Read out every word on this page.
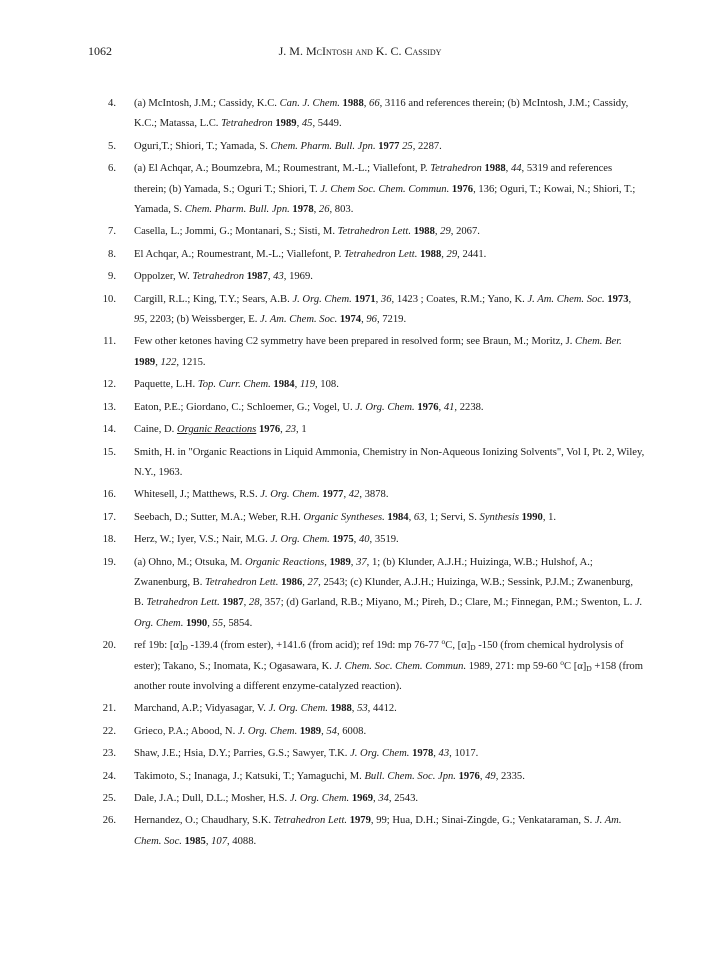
1062	J. M. McIntosh and K. C. Cassidy
4. (a) McIntosh, J.M.; Cassidy, K.C. Can. J. Chem. 1988, 66, 3116 and references therein; (b) McIntosh, J.M.; Cassidy, K.C.; Matassa, L.C. Tetrahedron 1989, 45, 5449.
5. Oguri,T.; Shiori, T.; Yamada, S. Chem. Pharm. Bull. Jpn. 1977 25, 2287.
6. (a) El Achqar, A.; Boumzebra, M.; Roumestrant, M.-L.; Viallefont, P. Tetrahedron 1988, 44, 5319 and references therein; (b) Yamada, S.; Oguri T.; Shiori, T. J. Chem Soc. Chem. Commun. 1976, 136; Oguri, T.; Kowai, N.; Shiori, T.; Yamada, S. Chem. Pharm. Bull. Jpn. 1978, 26, 803.
7. Casella, L.; Jommi, G.; Montanari, S.; Sisti, M. Tetrahedron Lett. 1988, 29, 2067.
8. El Achqar, A.; Roumestrant, M.-L.; Viallefont, P. Tetrahedron Lett. 1988, 29, 2441.
9. Oppolzer, W. Tetrahedron 1987, 43, 1969.
10. Cargill, R.L.; King, T.Y.; Sears, A.B. J. Org. Chem. 1971, 36, 1423 ; Coates, R.M.; Yano, K. J. Am. Chem. Soc. 1973, 95, 2203; (b) Weissberger, E. J. Am. Chem. Soc. 1974, 96, 7219.
11. Few other ketones having C2 symmetry have been prepared in resolved form; see Braun, M.; Moritz, J. Chem. Ber. 1989, 122, 1215.
12. Paquette, L.H. Top. Curr. Chem. 1984, 119, 108.
13. Eaton, P.E.; Giordano, C.; Schloemer, G.; Vogel, U. J. Org. Chem. 1976, 41, 2238.
14. Caine, D. Organic Reactions 1976, 23, 1
15. Smith, H. in "Organic Reactions in Liquid Ammonia, Chemistry in Non-Aqueous Ionizing Solvents", Vol I, Pt. 2, Wiley, N.Y., 1963.
16. Whitesell, J.; Matthews, R.S. J. Org. Chem. 1977, 42, 3878.
17. Seebach, D.; Sutter, M.A.; Weber, R.H. Organic Syntheses. 1984, 63, 1; Servi, S. Synthesis 1990, 1.
18. Herz, W.; Iyer, V.S.; Nair, M.G. J. Org. Chem. 1975, 40, 3519.
19. (a) Ohno, M.; Otsuka, M. Organic Reactions, 1989, 37, 1; (b) Klunder, A.J.H.; Huizinga, W.B.; Hulshof, A.; Zwanenburg, B. Tetrahedron Lett. 1986, 27, 2543; (c) Klunder, A.J.H.; Huizinga, W.B.; Sessink, P.J.M.; Zwanenburg, B. Tetrahedron Lett. 1987, 28, 357; (d) Garland, R.B.; Miyano, M.; Pireh, D.; Clare, M.; Finnegan, P.M.; Swenton, L. J. Org. Chem. 1990, 55, 5854.
20. ref 19b: $[\alpha]_D$ -139.4 (from ester), +141.6 (from acid); ref 19d: mp 76-77 $^o$C, $[\alpha]_D$ -150 (from chemical hydrolysis of ester); Takano, S.; Inomata, K.; Ogasawara, K. J. Chem. Soc. Chem. Commun. 1989, 271: mp 59-60 $^o$C $[\alpha]_D +158$ (from another route involving a different enzyme-catalyzed reaction).
21. Marchand, A.P.; Vidyasagar, V. J. Org. Chem. 1988, 53, 4412.
22. Grieco, P.A.; Abood, N. J. Org. Chem. 1989, 54, 6008.
23. Shaw, J.E.; Hsia, D.Y.; Parries, G.S.; Sawyer, T.K. J. Org. Chem. 1978, 43, 1017.
24. Takimoto, S.; Inanaga, J.; Katsuki, T.; Yamaguchi, M. Bull. Chem. Soc. Jpn. 1976, 49, 2335.
25. Dale, J.A.; Dull, D.L.; Mosher, H.S. J. Org. Chem. 1969, 34, 2543.
26. Hernandez, O.; Chaudhary, S.K. Tetrahedron Lett. 1979, 99; Hua, D.H.; Sinai-Zingde, G.; Venkataraman, S. J. Am. Chem. Soc. 1985, 107, 4088.
